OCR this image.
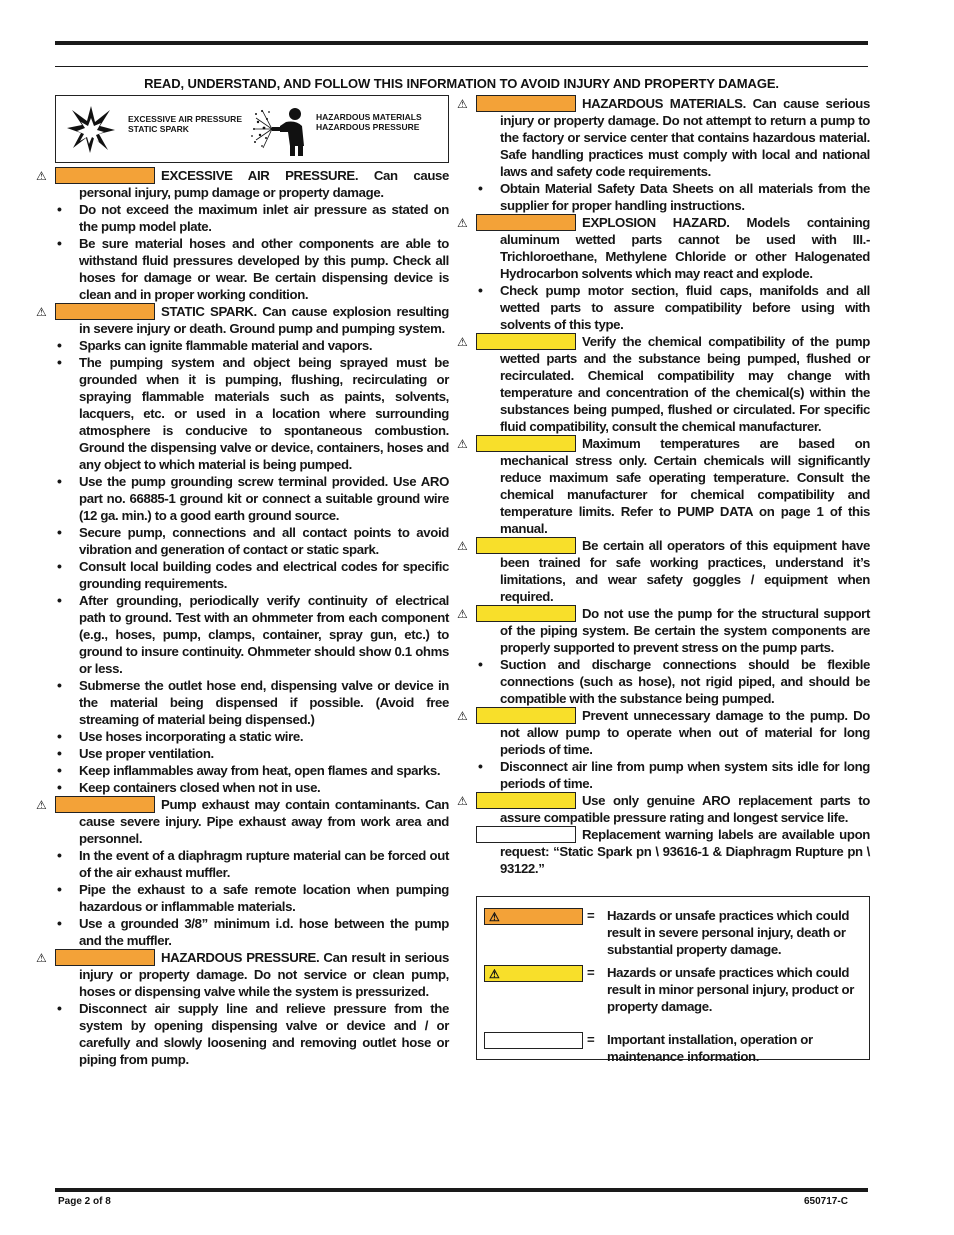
READ, UNDERSTAND, AND FOLLOW THIS INFORMATION TO AVOID INJURY AND PROPERTY DAMAGE.
EXCESSIVE AIR PRESSURE
STATIC SPARK
HAZARDOUS MATERIALS
HAZARDOUS PRESSURE
⚠	EXCESSIVE AIR PRESSURE. Can cause personal injury, pump damage or property damage.
• Do not exceed the maximum inlet air pressure as stated on the pump model plate.
• Be sure material hoses and other components are able to withstand fluid pressures developed by this pump. Check all hoses for damage or wear. Be certain dispensing device is clean and in proper working condition.
⚠	STATIC SPARK. Can cause explosion resulting in severe injury or death. Ground pump and pumping system.
• Sparks can ignite flammable material and vapors.
• The pumping system and object being sprayed must be grounded when it is pumping, flushing, recirculating or spraying flammable materials such as paints, solvents, lacquers, etc. or used in a location where surrounding atmosphere is conducive to spontaneous combustion. Ground the dispensing valve or device, containers, hoses and any object to which material is being pumped.
• Use the pump grounding screw terminal provided. Use ARO part no. 66885-1 ground kit or connect a suitable ground wire (12 ga. min.) to a good earth ground source.
• Secure pump, connections and all contact points to avoid vibration and generation of contact or static spark.
• Consult local building codes and electrical codes for specific grounding requirements.
• After grounding, periodically verify continuity of electrical path to ground. Test with an ohmmeter from each component (e.g., hoses, pump, clamps, container, spray gun, etc.) to ground to insure continuity. Ohmmeter should show 0.1 ohms or less.
• Submerse the outlet hose end, dispensing valve or device in the material being dispensed if possible. (Avoid free streaming of material being dispensed.)
• Use hoses incorporating a static wire.
• Use proper ventilation.
• Keep inflammables away from heat, open flames and sparks.
• Keep containers closed when not in use.
⚠	Pump exhaust may contain contaminants. Can cause severe injury. Pipe exhaust away from work area and personnel.
• In the event of a diaphragm rupture material can be forced out of the air exhaust muffler.
• Pipe the exhaust to a safe remote location when pumping hazardous or inflammable materials.
• Use a grounded 3/8” minimum i.d. hose between the pump and the muffler.
⚠	HAZARDOUS PRESSURE. Can result in serious injury or property damage. Do not service or clean pump, hoses or dispensing valve while the system is pressurized.
• Disconnect air supply line and relieve pressure from the system by opening dispensing valve or device and / or carefully and slowly loosening and removing outlet hose or piping from pump.
⚠	HAZARDOUS MATERIALS. Can cause serious injury or property damage. Do not attempt to return a pump to the factory or service center that contains hazardous material. Safe handling practices must comply with local and national laws and safety code requirements.
• Obtain Material Safety Data Sheets on all materials from the supplier for proper handling instructions.
⚠	EXPLOSION HAZARD. Models containing aluminum wetted parts cannot be used with III.-Trichloroethane, Methylene Chloride or other Halogenated Hydrocarbon solvents which may react and explode.
• Check pump motor section, fluid caps, manifolds and all wetted parts to assure compatibility before using with solvents of this type.
⚠	Verify the chemical compatibility of the pump wetted parts and the substance being pumped, flushed or recirculated. Chemical compatibility may change with temperature and concentration of the chemical(s) within the substances being pumped, flushed or circulated. For specific fluid compatibility, consult the chemical manufacturer.
⚠	Maximum temperatures are based on mechanical stress only. Certain chemicals will significantly reduce maximum safe operating temperature. Consult the chemical manufacturer for chemical compatibility and temperature limits. Refer to PUMP DATA on page 1 of this manual.
⚠	Be certain all operators of this equipment have been trained for safe working practices, understand it’s limitations, and wear safety goggles / equipment when required.
⚠	Do not use the pump for the structural support of the piping system. Be certain the system components are properly supported to prevent stress on the pump parts.
• Suction and discharge connections should be flexible connections (such as hose), not rigid piped, and should be compatible with the substance being pumped.
⚠	Prevent unnecessary damage to the pump. Do not allow pump to operate when out of material for long periods of time.
• Disconnect air line from pump when system sits idle for long periods of time.
⚠	Use only genuine ARO replacement parts to assure compatible pressure rating and longest service life.
Replacement warning labels are available upon request: “Static Spark pn \ 93616-1 & Diaphragm Rupture pn \ 93122.”
⚠	= Hazards or unsafe practices which could result in severe personal injury, death or substantial property damage.
⚠	= Hazards or unsafe practices which could result in minor personal injury, product or property damage.
= Important installation, operation or maintenance information.
Page 2 of 8	650717-C
